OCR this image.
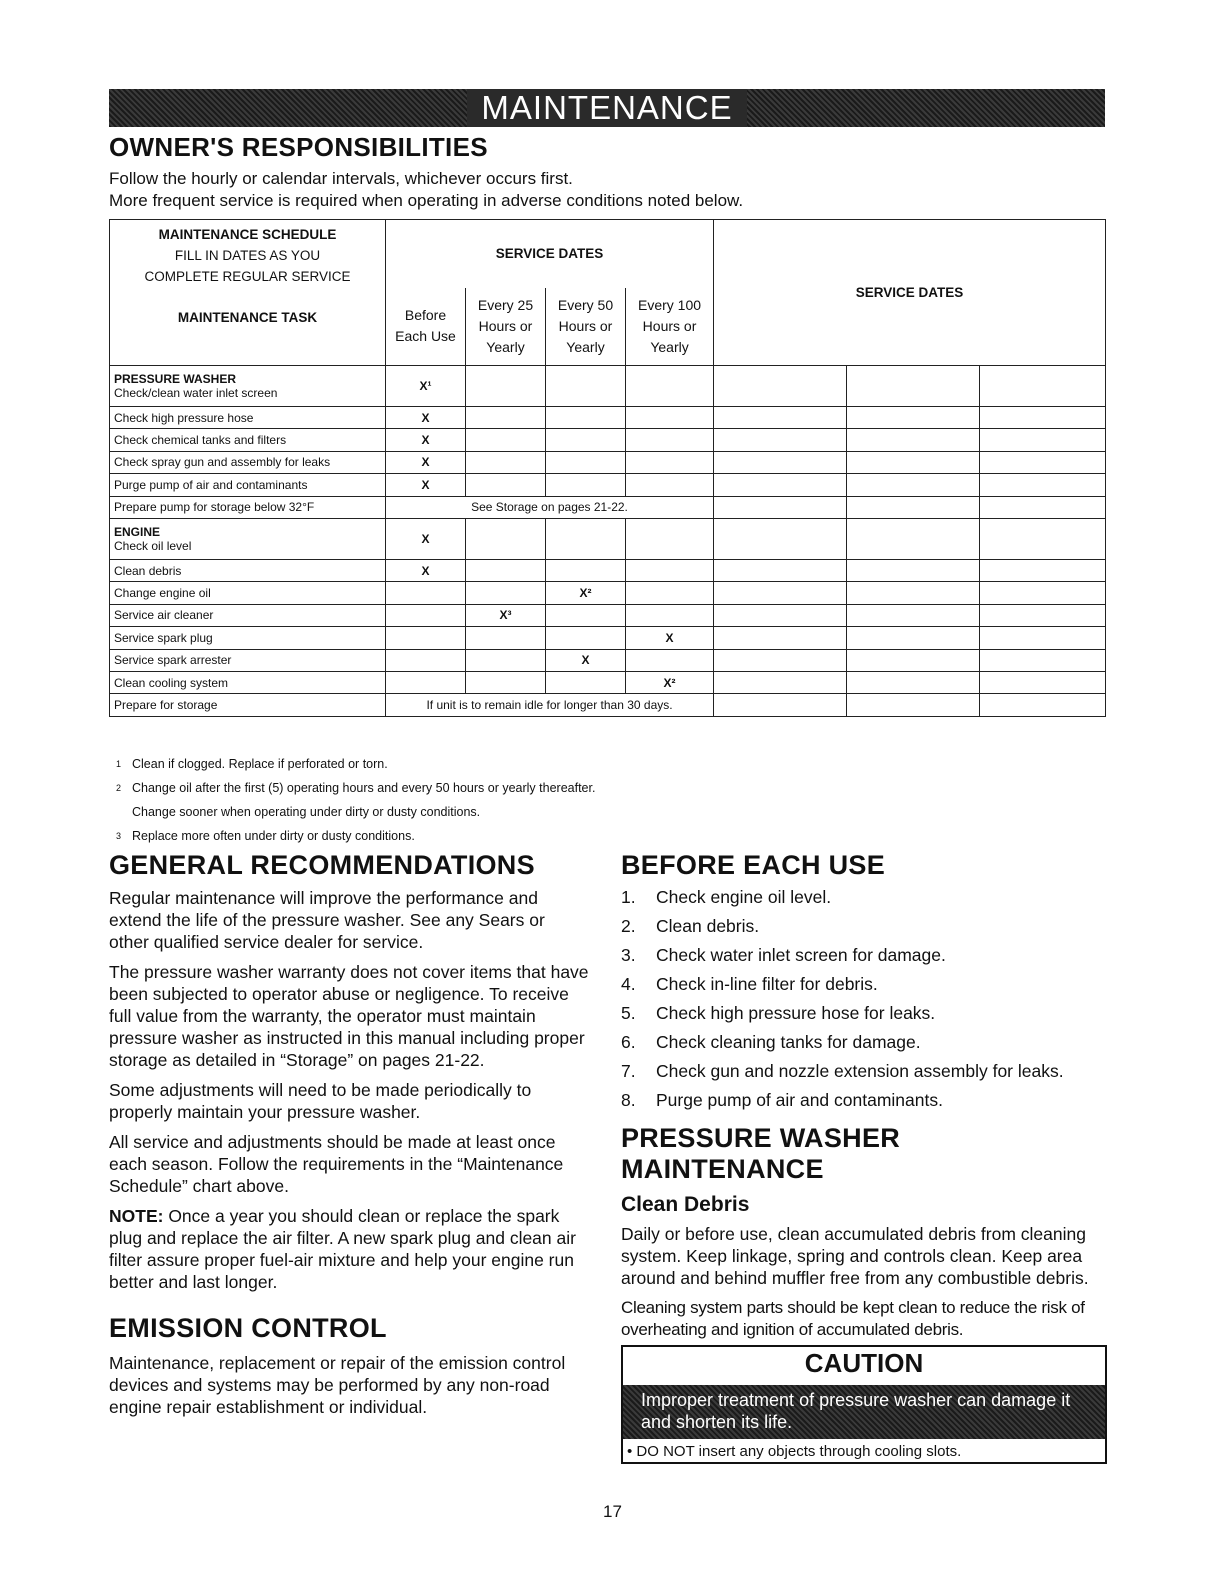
MAINTENANCE
OWNER'S RESPONSIBILITIES

Follow the hourly or calendar intervals, whichever occurs first.
More frequent service is required when operating in adverse conditions noted below.

MAINTENANCE SCHEDULE
FILL IN DATES AS YOU
COMPLETE REGULAR SERVICE
MAINTENANCE TASK	SERVICE DATES				SERVICE DATES		
	Before Each Use	Every 25 Hours or Yearly	Every 50 Hours or Yearly	Every 100 Hours or Yearly			

PRESSURE WASHER
Check/clean water inlet screen	X¹						
Check high pressure hose	X						
Check chemical tanks and filters	X						
Check spray gun and assembly for leaks	X						
Purge pump of air and contaminants	X						
Prepare pump for storage below 32°F	See Storage on pages 21-22.						

ENGINE
Check oil level	X						
Clean debris	X						
Change engine oil			X²				
Service air cleaner		X³					
Service spark plug				X			
Service spark arrester			X				
Clean cooling system				X²			
Prepare for storage	If unit is to remain idle for longer than 30 days.						
1 Clean if clogged. Replace if perforated or torn.
2 Change oil after the first (5) operating hours and every 50 hours or yearly thereafter.
Change sooner when operating under dirty or dusty conditions.
3 Replace more often under dirty or dusty conditions.
GENERAL RECOMMENDATIONS

Regular maintenance will improve the performance and extend the life of the pressure washer. See any Sears or other qualified service dealer for service.

The pressure washer warranty does not cover items that have been subjected to operator abuse or negligence. To receive full value from the warranty, the operator must maintain pressure washer as instructed in this manual including proper storage as detailed in “Storage” on pages 21-22.

Some adjustments will need to be made periodically to properly maintain your pressure washer.

All service and adjustments should be made at least once each season. Follow the requirements in the “Maintenance Schedule” chart above.

NOTE: Once a year you should clean or replace the spark plug and replace the air filter. A new spark plug and clean air filter assure proper fuel-air mixture and help your engine run better and last longer.

EMISSION CONTROL

Maintenance, replacement or repair of the emission control devices and systems may be performed by any non-road engine repair establishment or individual.

BEFORE EACH USE
1.	Check engine oil level.
2.	Clean debris.
3.	Check water inlet screen for damage.
4.	Check in-line filter for debris.
5.	Check high pressure hose for leaks.
6.	Check cleaning tanks for damage.
7.	Check gun and nozzle extension assembly for leaks.
8.	Purge pump of air and contaminants.
PRESSURE WASHER MAINTENANCE
Clean Debris

Daily or before use, clean accumulated debris from cleaning system. Keep linkage, spring and controls clean. Keep area around and behind muffler free from any combustible debris.

Cleaning system parts should be kept clean to reduce the risk of overheating and ignition of accumulated debris.

CAUTION
Improper treatment of pressure washer can damage it and shorten its life.
• DO NOT insert any objects through cooling slots.
17
